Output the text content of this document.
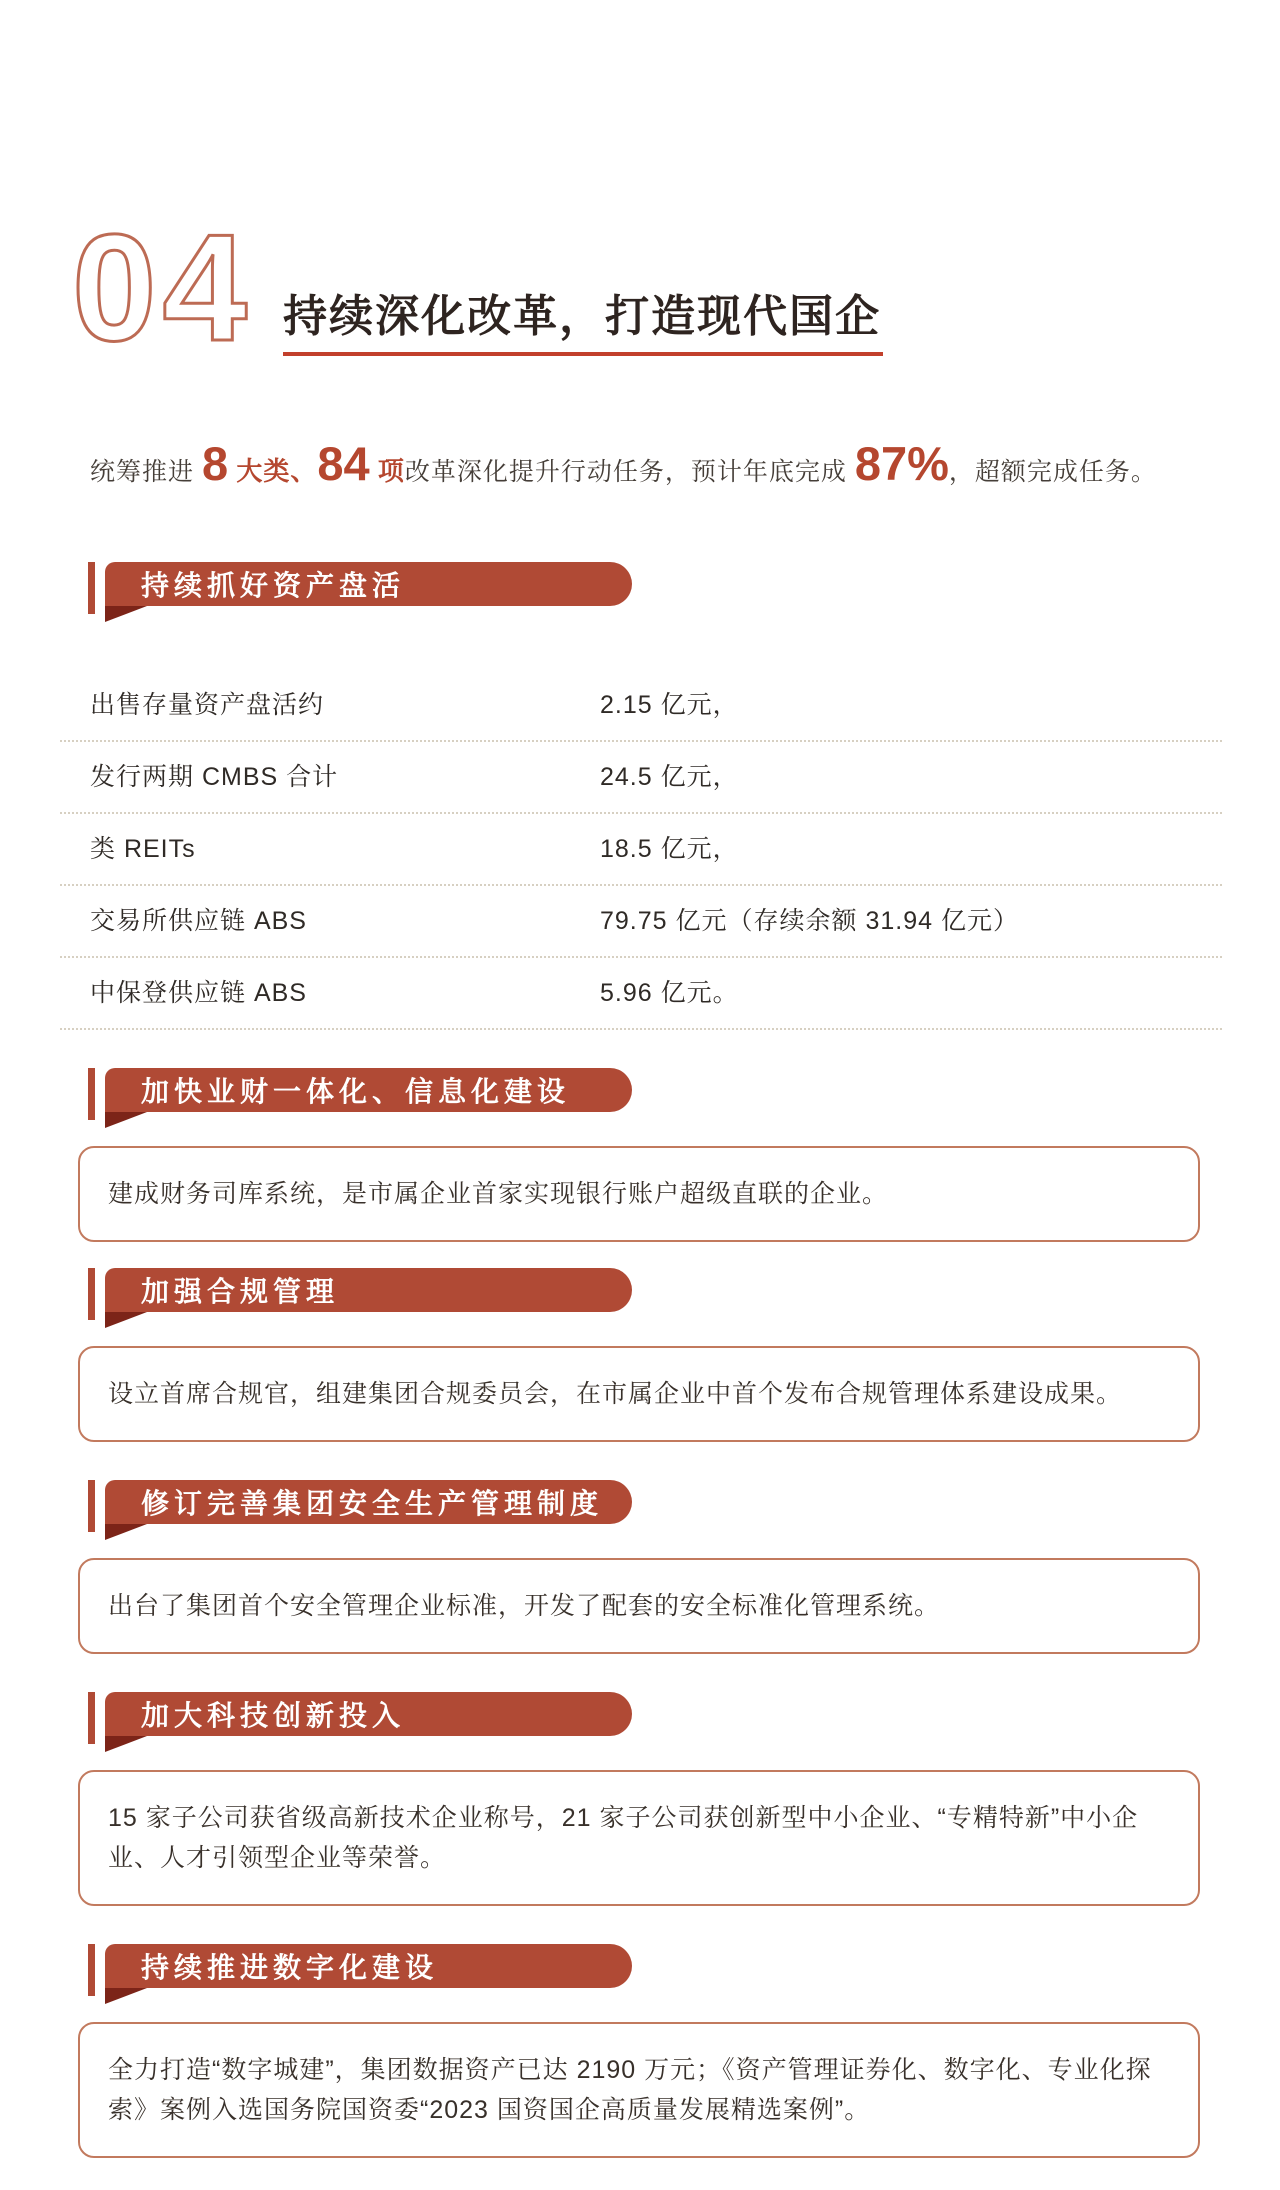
04 持续深化改革，打造现代国企

统筹推进 8 大类、84 项改革深化提升行动任务，预计年底完成 87%，超额完成任务。

持续抓好资产盘活
出售存量资产盘活约	2.15 亿元，
发行两期 CMBS 合计	24.5 亿元，
类 REITs	18.5 亿元，
交易所供应链 ABS	79.75 亿元（存续余额 31.94 亿元）
中保登供应链 ABS	5.96 亿元。
加快业财一体化、信息化建设

建成财务司库系统，是市属企业首家实现银行账户超级直联的企业。

加强合规管理

设立首席合规官，组建集团合规委员会，在市属企业中首个发布合规管理体系建设成果。

修订完善集团安全生产管理制度

出台了集团首个安全管理企业标准，开发了配套的安全标准化管理系统。

加大科技创新投入

15 家子公司获省级高新技术企业称号，21 家子公司获创新型中小企业、“专精特新”中小企业、人才引领型企业等荣誉。

持续推进数字化建设

全力打造“数字城建”，集团数据资产已达 2190 万元；《资产管理证券化、数字化、专业化探索》案例入选国务院国资委“2023 国资国企高质量发展精选案例”。
